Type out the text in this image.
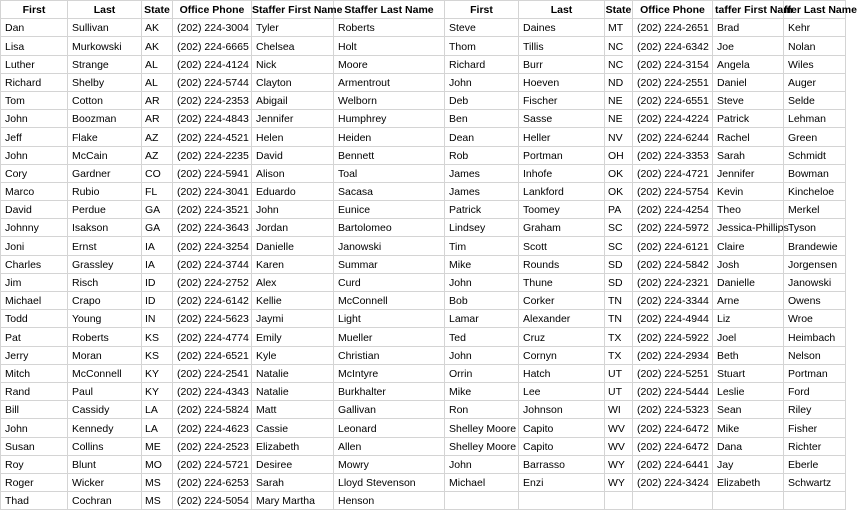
First	Last	State	Office Phone	Staffer First Name	Staffer Last Name	First	Last	State	Office Phone	taffer First Nam	ffer Last Name
Dan	Sullivan	AK	(202) 224-3004	Tyler	Roberts	Steve	Daines	MT	(202) 224-2651	Brad	Kehr
Lisa	Murkowski	AK	(202) 224-6665	Chelsea	Holt	Thom	Tillis	NC	(202) 224-6342	Joe	Nolan
Luther	Strange	AL	(202) 224-4124	Nick	Moore	Richard	Burr	NC	(202) 224-3154	Angela	Wiles
Richard	Shelby	AL	(202) 224-5744	Clayton	Armentrout	John	Hoeven	ND	(202) 224-2551	Daniel	Auger
Tom	Cotton	AR	(202) 224-2353	Abigail	Welborn	Deb	Fischer	NE	(202) 224-6551	Steve	Selde
John	Boozman	AR	(202) 224-4843	Jennifer	Humphrey	Ben	Sasse	NE	(202) 224-4224	Patrick	Lehman
Jeff	Flake	AZ	(202) 224-4521	Helen	Heiden	Dean	Heller	NV	(202) 224-6244	Rachel	Green
John	McCain	AZ	(202) 224-2235	David	Bennett	Rob	Portman	OH	(202) 224-3353	Sarah	Schmidt
Cory	Gardner	CO	(202) 224-5941	Alison	Toal	James	Inhofe	OK	(202) 224-4721	Jennifer	Bowman
Marco	Rubio	FL	(202) 224-3041	Eduardo	Sacasa	James	Lankford	OK	(202) 224-5754	Kevin	Kincheloe
David	Perdue	GA	(202) 224-3521	John	Eunice	Patrick	Toomey	PA	(202) 224-4254	Theo	Merkel
Johnny	Isakson	GA	(202) 224-3643	Jordan	Bartolomeo	Lindsey	Graham	SC	(202) 224-5972	Jessica-Phillips	Tyson
Joni	Ernst	IA	(202) 224-3254	Danielle	Janowski	Tim	Scott	SC	(202) 224-6121	Claire	Brandewie
Charles	Grassley	IA	(202) 224-3744	Karen	Summar	Mike	Rounds	SD	(202) 224-5842	Josh	Jorgensen
Jim	Risch	ID	(202) 224-2752	Alex	Curd	John	Thune	SD	(202) 224-2321	Danielle	Janowski
Michael	Crapo	ID	(202) 224-6142	Kellie	McConnell	Bob	Corker	TN	(202) 224-3344	Arne	Owens
Todd	Young	IN	(202) 224-5623	Jaymi	Light	Lamar	Alexander	TN	(202) 224-4944	Liz	Wroe
Pat	Roberts	KS	(202) 224-4774	Emily	Mueller	Ted	Cruz	TX	(202) 224-5922	Joel	Heimbach
Jerry	Moran	KS	(202) 224-6521	Kyle	Christian	John	Cornyn	TX	(202) 224-2934	Beth	Nelson
Mitch	McConnell	KY	(202) 224-2541	Natalie	McIntyre	Orrin	Hatch	UT	(202) 224-5251	Stuart	Portman
Rand	Paul	KY	(202) 224-4343	Natalie	Burkhalter	Mike	Lee	UT	(202) 224-5444	Leslie	Ford
Bill	Cassidy	LA	(202) 224-5824	Matt	Gallivan	Ron	Johnson	WI	(202) 224-5323	Sean	Riley
John	Kennedy	LA	(202) 224-4623	Cassie	Leonard	Shelley Moore	Capito	WV	(202) 224-6472	Mike	Fisher
Susan	Collins	ME	(202) 224-2523	Elizabeth	Allen	Shelley Moore	Capito	WV	(202) 224-6472	Dana	Richter
Roy	Blunt	MO	(202) 224-5721	Desiree	Mowry	John	Barrasso	WY	(202) 224-6441	Jay	Eberle
Roger	Wicker	MS	(202) 224-6253	Sarah	Lloyd Stevenson	Michael	Enzi	WY	(202) 224-3424	Elizabeth	Schwartz
Thad	Cochran	MS	(202) 224-5054	Mary Martha	Henson						
